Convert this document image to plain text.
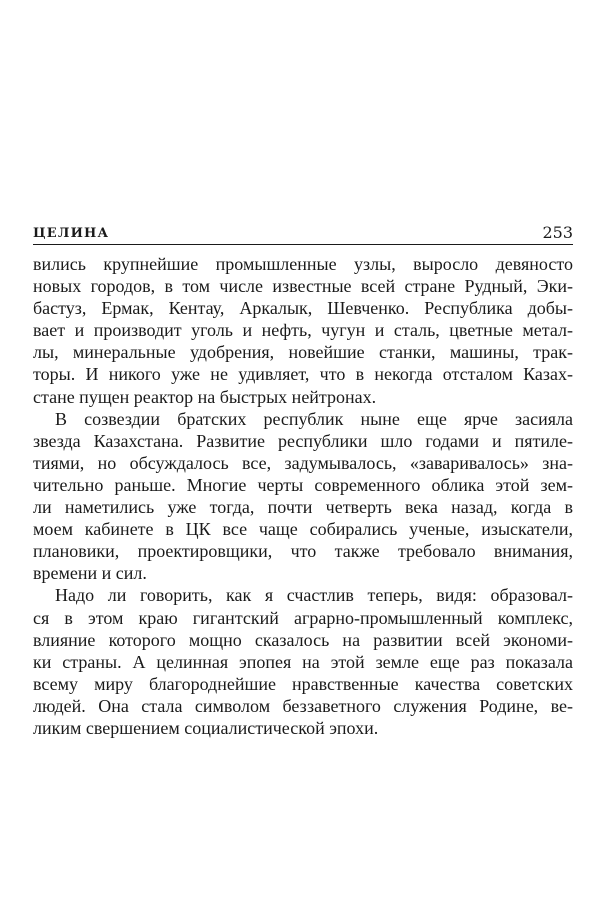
ЦЕЛИНА	253
вились крупнейшие промышленные узлы, выросло девяносто
новых городов, в том числе известные всей стране Рудный, Эки-
бастуз, Ермак, Кентау, Аркалык, Шевченко. Республика добы-
вает и производит уголь и нефть, чугун и сталь, цветные метал-
лы, минеральные удобрения, новейшие станки, машины, трак-
торы. И никого уже не удивляет, что в некогда отсталом Казах-
стане пущен реактор на быстрых нейтронах.
В созвездии братских республик ныне еще ярче засияла
звезда Казахстана. Развитие республики шло годами и пятиле-
тиями, но обсуждалось все, задумывалось, «заваривалось» зна-
чительно раньше. Многие черты современного облика этой зем-
ли наметились уже тогда, почти четверть века назад, когда в
моем кабинете в ЦК все чаще собирались ученые, изыскатели,
плановики, проектировщики, что также требовало внимания,
времени и сил.
Надо ли говорить, как я счастлив теперь, видя: образовал-
ся в этом краю гигантский аграрно-промышленный комплекс,
влияние которого мощно сказалось на развитии всей экономи-
ки страны. А целинная эпопея на этой земле еще раз показала
всему миру благороднейшие нравственные качества советских
людей. Она стала символом беззаветного служения Родине, ве-
ликим свершением социалистической эпохи.
